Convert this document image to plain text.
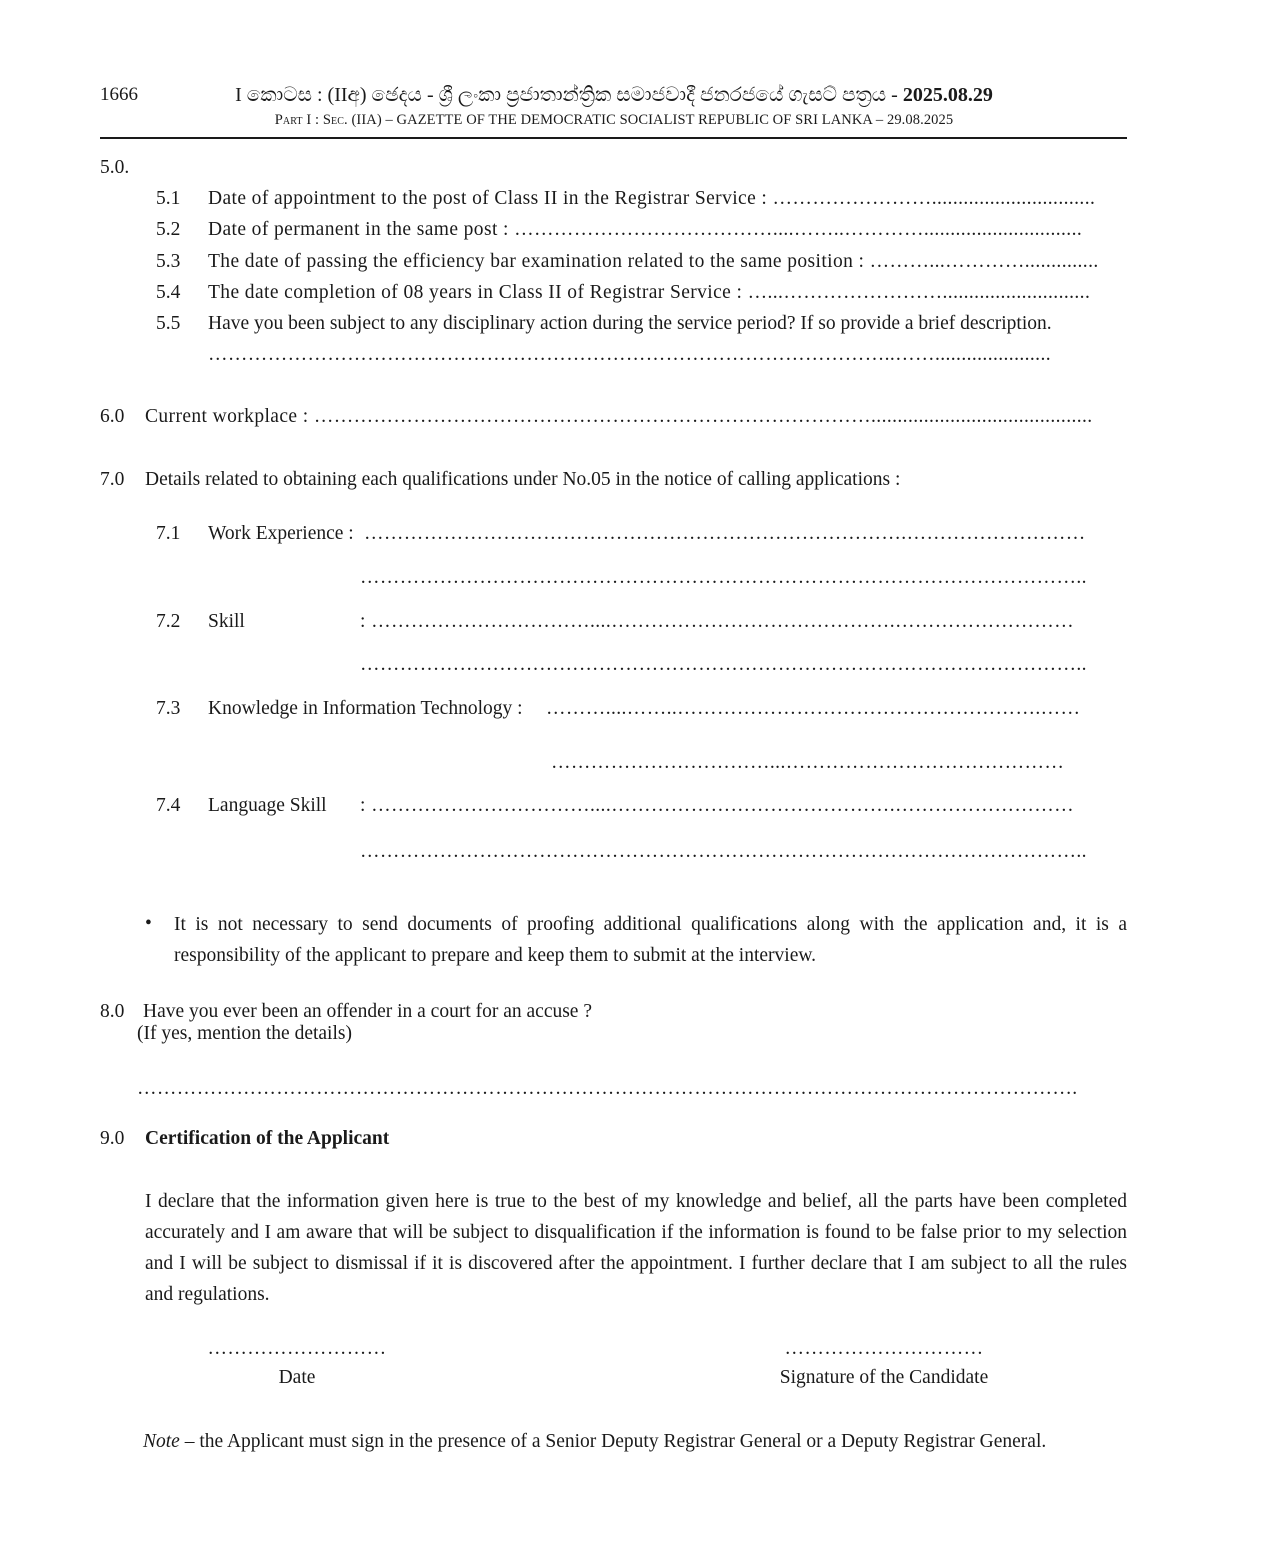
1666	I කොටස : (IIඅ) ඡෙදය - ශ්‍රී ලංකා ප්‍රජාතාන්ත්‍රික සමාජවාදී ජනරජයේ ගැසට් පත්‍රය - 2025.08.29
Part I : Sec. (IIA) – GAZETTE OF THE DEMOCRATIC SOCIALIST REPUBLIC OF SRI LANKA – 29.08.2025
5.0.
5.1 Date of appointment to the post of Class II in the Registrar Service : ……………………...............................
5.2 Date of permanent in the same post : …………………………………....……..…………..............................
5.3 The date of passing the efficiency bar examination related to the same position : ………...…………..............
5.4 The date completion of 08 years in Class II of Registrar Service : …...……………………............................
5.5 Have you been subject to any disciplinary action during the service period? If so provide a brief description.
…………………………………………………………………………………………..……......................
6.0 Current workplace : …………………………………………………………………………..........................................
7.0 Details related to obtaining each qualifications under No.05 in the notice of calling applications :
7.1 Work Experience : ……………………………………………………………………….………………………
………………………………………………………………………………………………..
7.2 Skill	: ……………………………....…………………………………….………………………
………………………………………………………………………………………………..
7.3 Knowledge in Information Technology : ………....……..……………………………………………….……
……………………………...……………………………………
7.4 Language Skill : ……………………………....…………………………………….………………………
………………………………………………………………………………………………..
• It is not necessary to send documents of proofing additional qualifications along with the application and, it is a responsibility of the applicant to prepare and keep them to submit at the interview.
8.0 Have you ever been an offender in a court for an accuse ?
(If yes, mention the details)
…………………………………………………………………………………………………………………………….
9.0 Certification of the Applicant
I declare that the information given here is true to the best of my knowledge and belief, all the parts have been completed accurately and I am aware that will be subject to disqualification if the information is found to be false prior to my selection and I will be subject to dismissal if it is discovered after the appointment. I further declare that I am subject to all the rules and regulations.
………………………
Date
…………………………
Signature of the Candidate
Note – the Applicant must sign in the presence of a Senior Deputy Registrar General or a Deputy Registrar General.
